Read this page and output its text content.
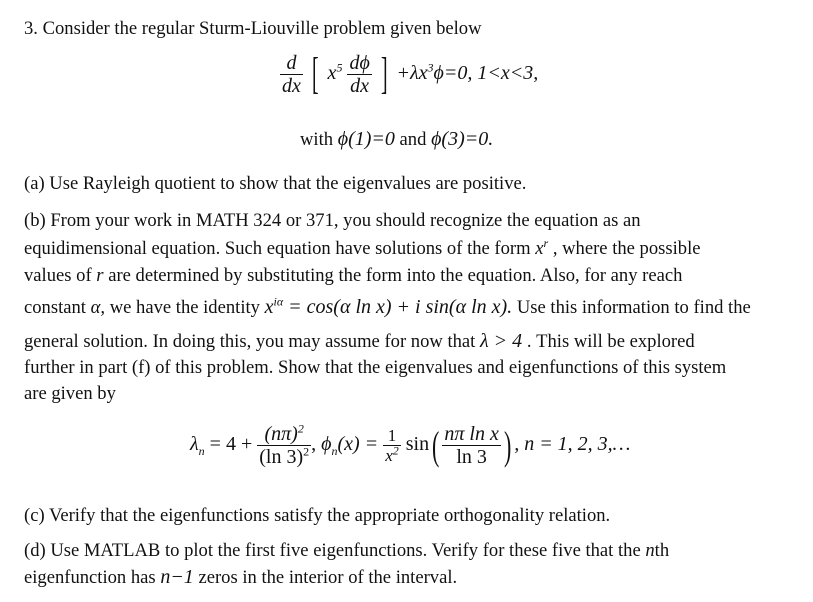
3. Consider the regular Sturm-Liouville problem given below
$\frac{d}{dx}$ [ $x^5 \frac{d\phi}{dx}$ ] $+\lambda x^3\phi=0$, 1<x<3,
with ϕ(1)=0 and ϕ(3)=0.
(a) Use Rayleigh quotient to show that the eigenvalues are positive.
(b) From your work in MATH 324 or 371, you should recognize the equation as an
equidimensional equation. Such equation have solutions of the form $x^r$ , where the possible
values of r are determined by substituting the form into the equation. Also, for any reach
constant α, we have the identity $x^{i\alpha} = \cos(\alpha$ ln x) + i sin(α ln x). Use this information to find the
general solution. In doing this, you may assume for now that λ > 4 . This will be explored
further in part (f) of this problem. Show that the eigenvalues and eigenfunctions of this system
are given by
$\lambda_n = 4 + \frac{(n\pi)^2}{(\ln 3)^2}$ , $\phi_n(x) = \frac{1}{x^2} \sin( \frac{\text{nπ ln x}}{\ln 3}$ ) , n = 1, 2, 3,…
(c) Verify that the eigenfunctions satisfy the appropriate orthogonality relation.
(d) Use MATLAB to plot the first five eigenfunctions. Verify for these five that the nth
eigenfunction has n−1 zeros in the interior of the interval.
